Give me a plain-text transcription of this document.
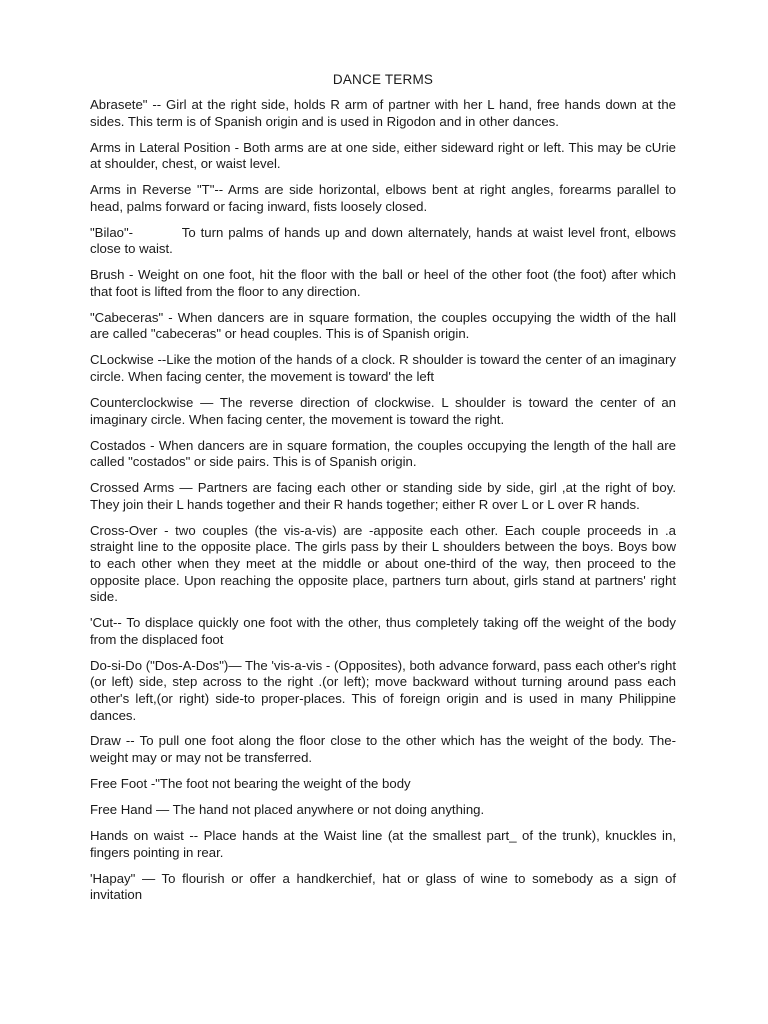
DANCE TERMS

Abrasete" -- Girl at the right side, holds R arm of partner with her L hand, free hands down at the sides. This term is of Spanish origin and is used in Rigodon and in other dances.

Arms in Lateral Position - Both arms are at one side, either sideward right or left. This may be cUrie at shoulder, chest, or waist level.

Arms in Reverse "T"-- Arms are side horizontal, elbows bent at right angles, forearms parallel to head, palms forward or facing inward, fists loosely closed.

"Bilao"-          To turn palms of hands up and down alternately, hands at waist level front, elbows close to waist.

Brush - Weight on one foot, hit the floor with the ball or heel of the other foot (the foot) after which that foot is lifted from the floor to any direction.

"Cabeceras" - When dancers are in square formation, the couples occupying the width of the hall are called "cabeceras" or head couples. This is of Spanish origin.

CLockwise --Like the motion of the hands of a clock. R shoulder is toward the center of an imaginary circle. When facing center, the movement is toward' the left

Counterclockwise — The reverse direction of clockwise. L shoulder is toward the center of an imaginary circle. When facing center, the movement is toward the right.

Costados - When dancers are in square formation, the couples occupying the length of the hall are called "costados" or side pairs. This is of Spanish origin.

Crossed Arms — Partners are facing each other or standing side by side, girl ,at the right of boy. They join their L hands together and their R hands together; either R over L or L over R hands.

Cross-Over - two couples (the vis-a-vis) are -apposite each other. Each couple proceeds in .a straight line to the opposite place. The girls pass by their L shoulders between the boys. Boys bow to each other when they meet at the middle or about one-third of the way, then proceed to the opposite place. Upon reaching the opposite place, partners turn about, girls stand at partners' right side.

'Cut-- To displace quickly one foot with the other, thus completely taking off the weight of the body from the displaced foot

Do-si-Do ("Dos-A-Dos")— The 'vis-a-vis - (Opposites), both advance forward, pass each other's right (or left) side, step across to the right .(or left); move backward without turning around pass each other's left,(or right) side-to proper-places. This of foreign origin and is used in many Philippine dances.

Draw -- To pull one foot along the floor close to the other which has the weight of the body. The- weight may or may not be transferred.

Free Foot -"The foot not bearing the weight of the body

Free Hand — The hand not placed anywhere or not doing anything.

Hands on waist -- Place hands at the Waist line (at the smallest part_ of the trunk), knuckles in, fingers pointing in rear.

'Hapay" — To flourish or offer a handkerchief, hat or glass of wine to somebody as a sign of invitation
